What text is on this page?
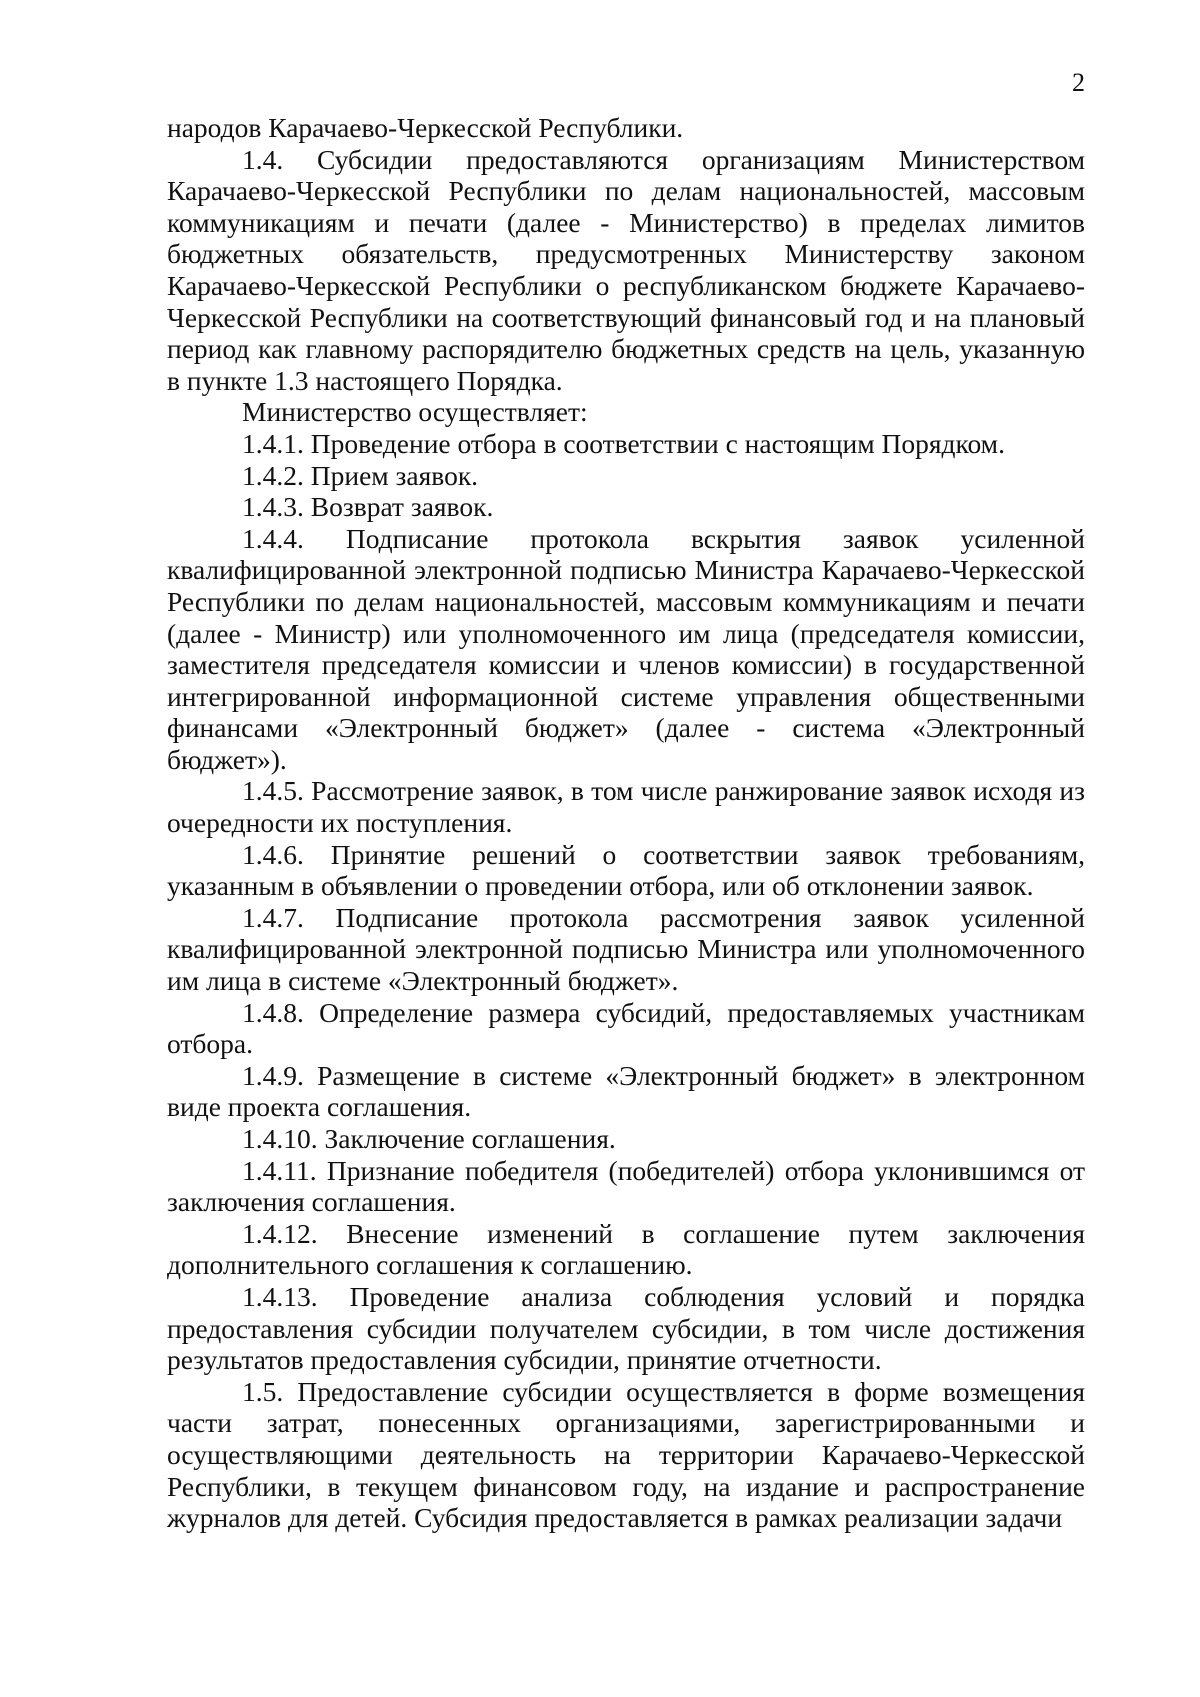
2

народов Карачаево-Черкесской Республики.

1.4. Субсидии предоставляются организациям Министерством Карачаево-Черкесской Республики по делам национальностей, массовым коммуникациям и печати (далее - Министерство) в пределах лимитов бюджетных обязательств, предусмотренных Министерству законом Карачаево-Черкесской Республики о республиканском бюджете Карачаево-Черкесской Республики на соответствующий финансовый год и на плановый период как главному распорядителю бюджетных средств на цель, указанную в пункте 1.3 настоящего Порядка.

Министерство осуществляет:

1.4.1. Проведение отбора в соответствии с настоящим Порядком.

1.4.2. Прием заявок.

1.4.3. Возврат заявок.

1.4.4. Подписание протокола вскрытия заявок усиленной квалифицированной электронной подписью Министра Карачаево-Черкесской Республики по делам национальностей, массовым коммуникациям и печати (далее - Министр) или уполномоченного им лица (председателя комиссии, заместителя председателя комиссии и членов комиссии) в государственной интегрированной информационной системе управления общественными финансами «Электронный бюджет» (далее - система «Электронный бюджет»).

1.4.5. Рассмотрение заявок, в том числе ранжирование заявок исходя из очередности их поступления.

1.4.6. Принятие решений о соответствии заявок требованиям, указанным в объявлении о проведении отбора, или об отклонении заявок.

1.4.7. Подписание протокола рассмотрения заявок усиленной квалифицированной электронной подписью Министра или уполномоченного им лица в системе «Электронный бюджет».

1.4.8. Определение размера субсидий, предоставляемых участникам отбора.

1.4.9. Размещение в системе «Электронный бюджет» в электронном виде проекта соглашения.

1.4.10. Заключение соглашения.

1.4.11. Признание победителя (победителей) отбора уклонившимся от заключения соглашения.

1.4.12. Внесение изменений в соглашение путем заключения дополнительного соглашения к соглашению.

1.4.13. Проведение анализа соблюдения условий и порядка предоставления субсидии получателем субсидии, в том числе достижения результатов предоставления субсидии, принятие отчетности.

1.5. Предоставление субсидии осуществляется в форме возмещения части затрат, понесенных организациями, зарегистрированными и осуществляющими деятельность на территории Карачаево-Черкесской Республики, в текущем финансовом году, на издание и распространение журналов для детей. Субсидия предоставляется в рамках реализации задачи
